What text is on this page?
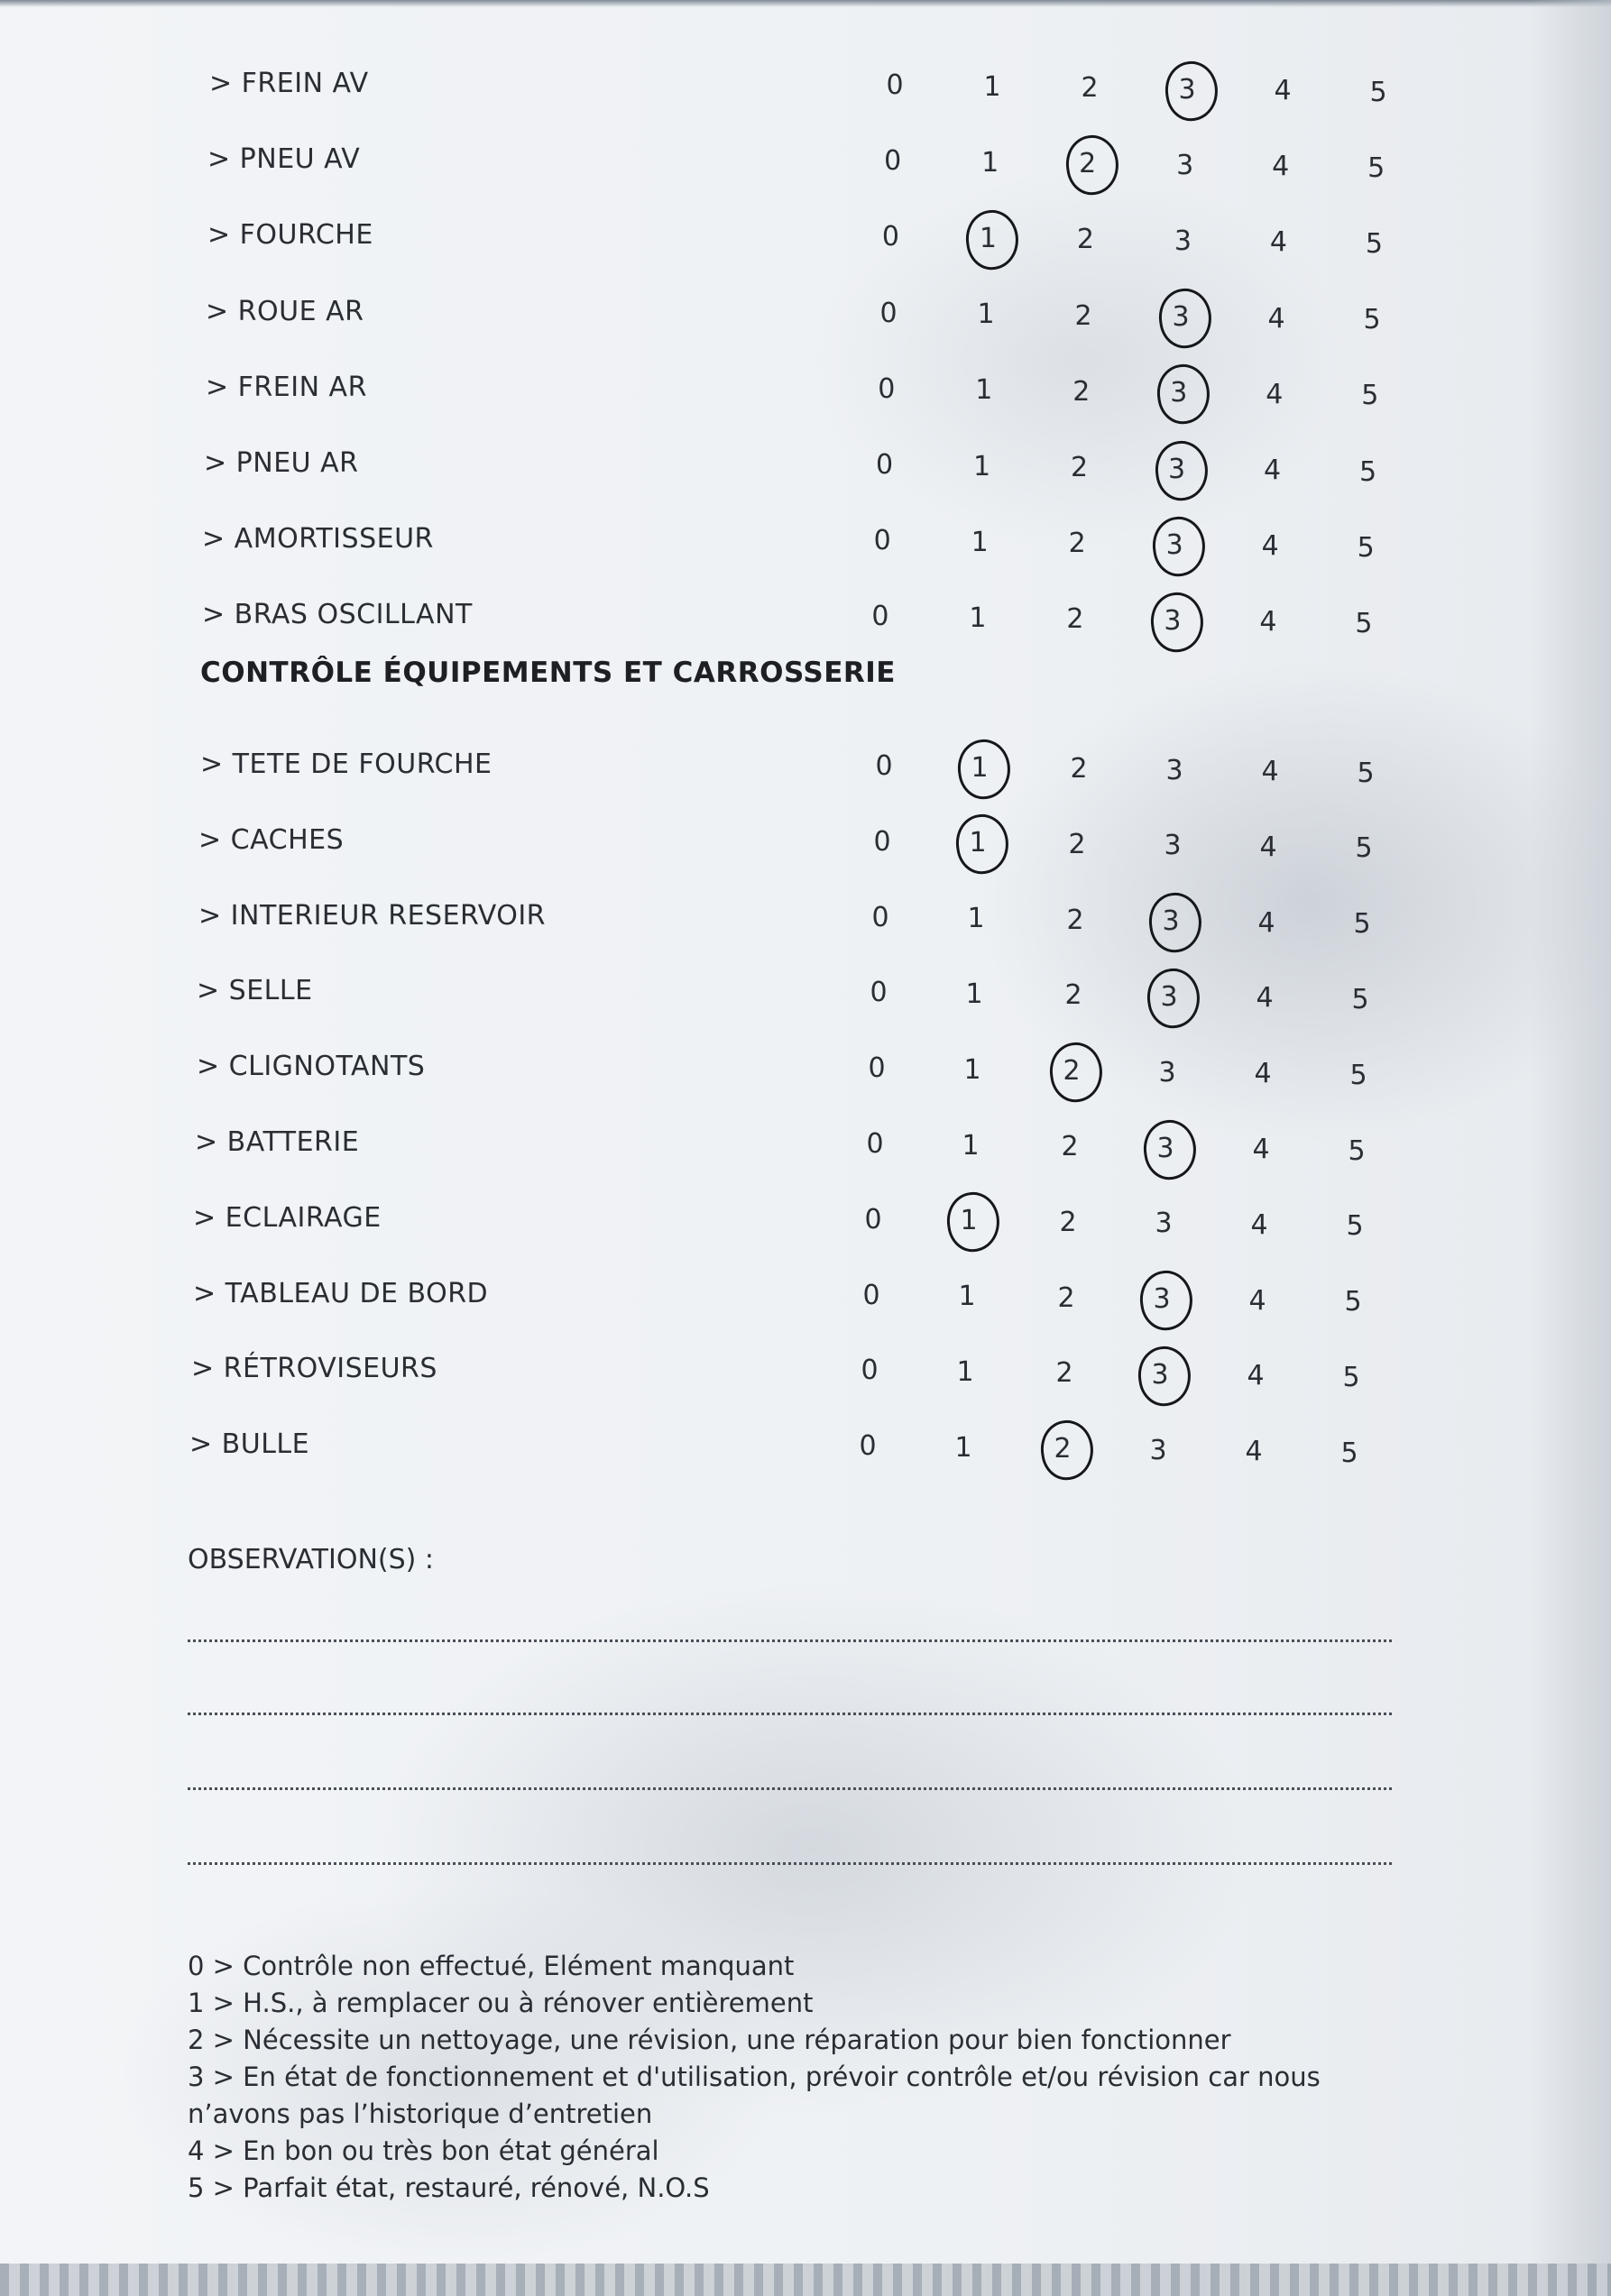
> FREIN AV	0	1	2	3	4	5
> PNEU AV	0	1	2	3	4	5
> FOURCHE	0	1	2	3	4	5
> ROUE AR	0	1	2	3	4	5
> FREIN AR	0	1	2	3	4	5
> PNEU AR	0	1	2	3	4	5
> AMORTISSEUR	0	1	2	3	4	5
> BRAS OSCILLANT	0	1	2	3	4	5
CONTRÔLE ÉQUIPEMENTS ET CARROSSERIE
> TETE DE FOURCHE	0	1	2	3	4	5
> CACHES	0	1	2	3	4	5
> INTERIEUR RESERVOIR	0	1	2	3	4	5
> SELLE	0	1	2	3	4	5
> CLIGNOTANTS	0	1	2	3	4	5
> BATTERIE	0	1	2	3	4	5
> ECLAIRAGE	0	1	2	3	4	5
> TABLEAU DE BORD	0	1	2	3	4	5
> RÉTROVISEURS	0	1	2	3	4	5
> BULLE	0	1	2	3	4	5
OBSERVATION(S) :
0 > Contrôle non effectué, Elément manquant
1 > H.S., à remplacer ou à rénover entièrement
2 > Nécessite un nettoyage, une révision, une réparation pour bien fonctionner
3 > En état de fonctionnement et d'utilisation, prévoir contrôle et/ou révision car nous n’avons pas l’historique d’entretien
4 > En bon ou très bon état général
5 > Parfait état, restauré, rénové, N.O.S
